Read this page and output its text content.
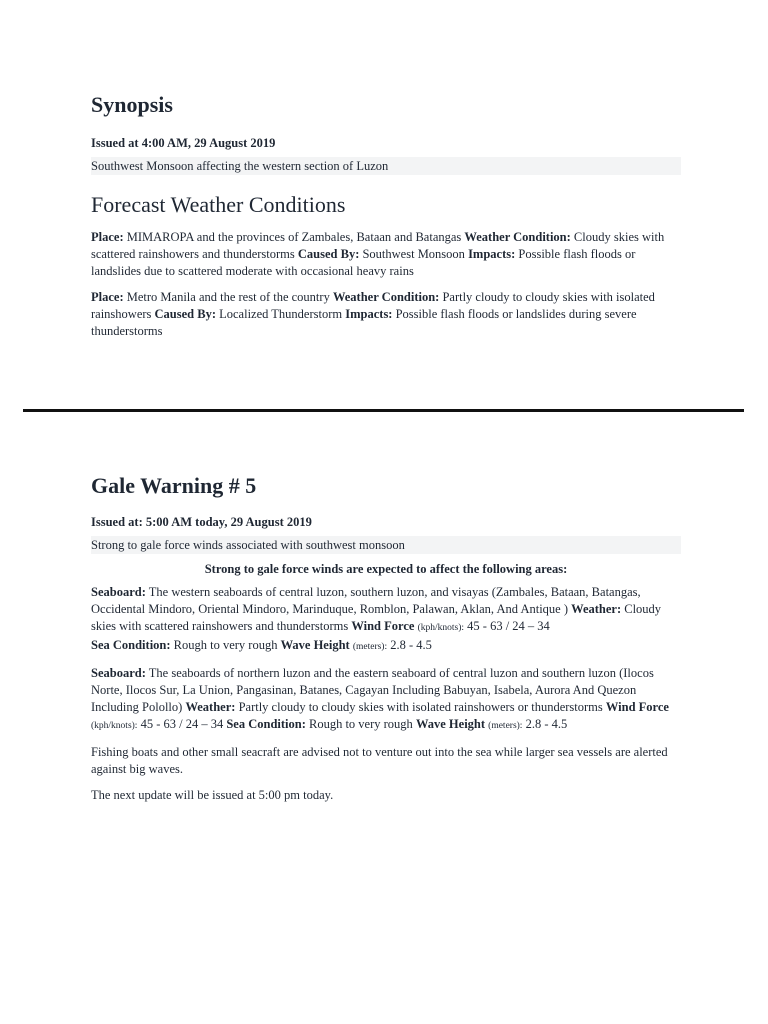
Synopsis

Issued at 4:00 AM, 29 August 2019

Southwest Monsoon affecting the western section of Luzon

Forecast Weather Conditions

Place: MIMAROPA and the provinces of Zambales, Bataan and Batangas Weather Condition: Cloudy skies with scattered rainshowers and thunderstorms Caused By: Southwest Monsoon Impacts: Possible flash floods or landslides due to scattered moderate with occasional heavy rains

Place: Metro Manila and the rest of the country Weather Condition: Partly cloudy to cloudy skies with isolated rainshowers Caused By: Localized Thunderstorm Impacts: Possible flash floods or landslides during severe thunderstorms

Gale Warning # 5

Issued at: 5:00 AM today, 29 August 2019

Strong to gale force winds associated with southwest monsoon

Strong to gale force winds are expected to affect the following areas:

Seaboard: The western seaboards of central luzon, southern luzon, and visayas (Zambales, Bataan, Batangas, Occidental Mindoro, Oriental Mindoro, Marinduque, Romblon, Palawan, Aklan, And Antique ) Weather: Cloudy skies with scattered rainshowers and thunderstorms Wind Force (kph/knots): 45 - 63 / 24 – 34
Sea Condition: Rough to very rough Wave Height (meters): 2.8 - 4.5

Seaboard: The seaboards of northern luzon and the eastern seaboard of central luzon and southern luzon (Ilocos Norte, Ilocos Sur, La Union, Pangasinan, Batanes, Cagayan Including Babuyan, Isabela, Aurora And Quezon Including Polollo) Weather: Partly cloudy to cloudy skies with isolated rainshowers or thunderstorms Wind Force (kph/knots): 45 - 63 / 24 – 34 Sea Condition: Rough to very rough Wave Height (meters): 2.8 - 4.5

Fishing boats and other small seacraft are advised not to venture out into the sea while larger sea vessels are alerted against big waves.

The next update will be issued at 5:00 pm today.
